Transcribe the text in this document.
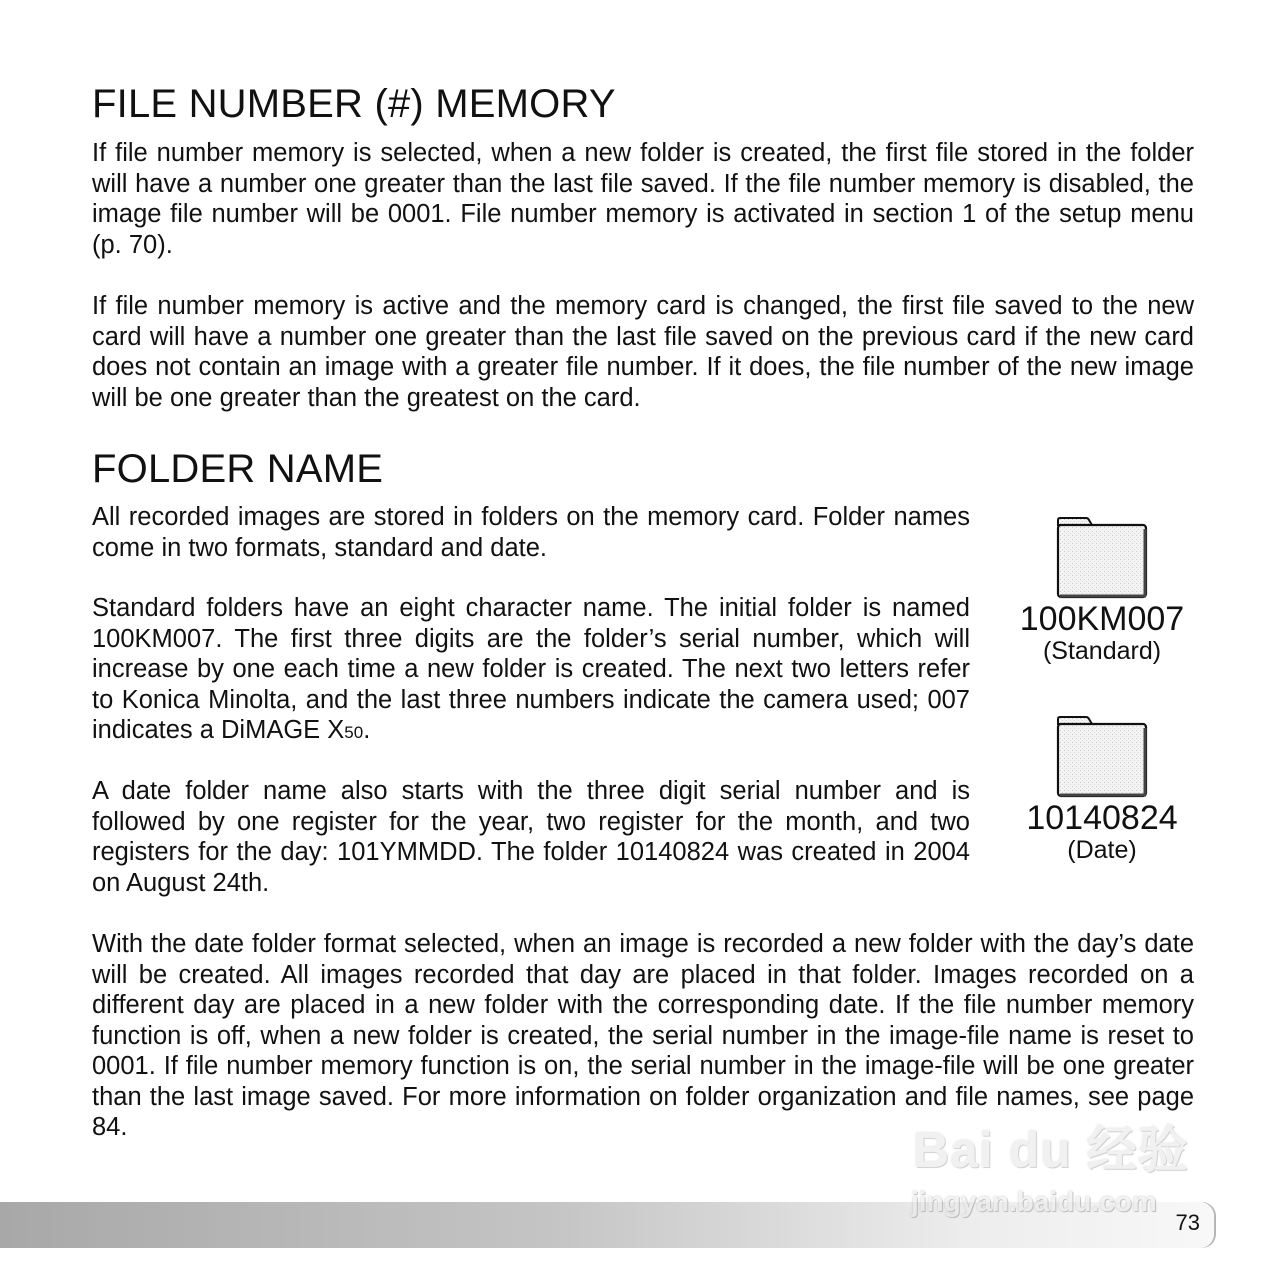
FILE NUMBER (#) MEMORY

If file number memory is selected, when a new folder is created, the first file stored in the folder will have a number one greater than the last file saved. If the file number memory is disabled, the image file number will be 0001. File number memory is activated in section 1 of the setup menu (p. 70).

If file number memory is active and the memory card is changed, the first file saved to the new card will have a number one greater than the last file saved on the previous card if the new card does not contain an image with a greater file number. If it does, the file number of the new image will be one greater than the greatest on the card.

FOLDER NAME

All recorded images are stored in folders on the memory card. Folder names come in two formats, standard and date.

Standard folders have an eight character name. The initial folder is named 100KM007. The first three digits are the folder’s serial number, which will increase by one each time a new folder is created. The next two letters refer to Konica Minolta, and the last three numbers indicate the camera used; 007 indicates a DiMAGE X50.

A date folder name also starts with the three digit serial number and is followed by one register for the year, two register for the month, and two registers for the day: 101YMMDD. The folder 10140824 was created in 2004 on August 24th.

With the date folder format selected, when an image is recorded a new folder with the day’s date will be created. All images recorded that day are placed in that folder. Images recorded on a different day are placed in a new folder with the corresponding date. If the file number memory function is off, when a new folder is created, the serial number in the image-file name is reset to 0001. If file number memory function is on, the serial number in the image-file will be one greater than the last image saved. For more information on folder organization and file names, see page 84.

100KM007
(Standard)
10140824
(Date)
73
Bai du 经验
jingyan.baidu.com
